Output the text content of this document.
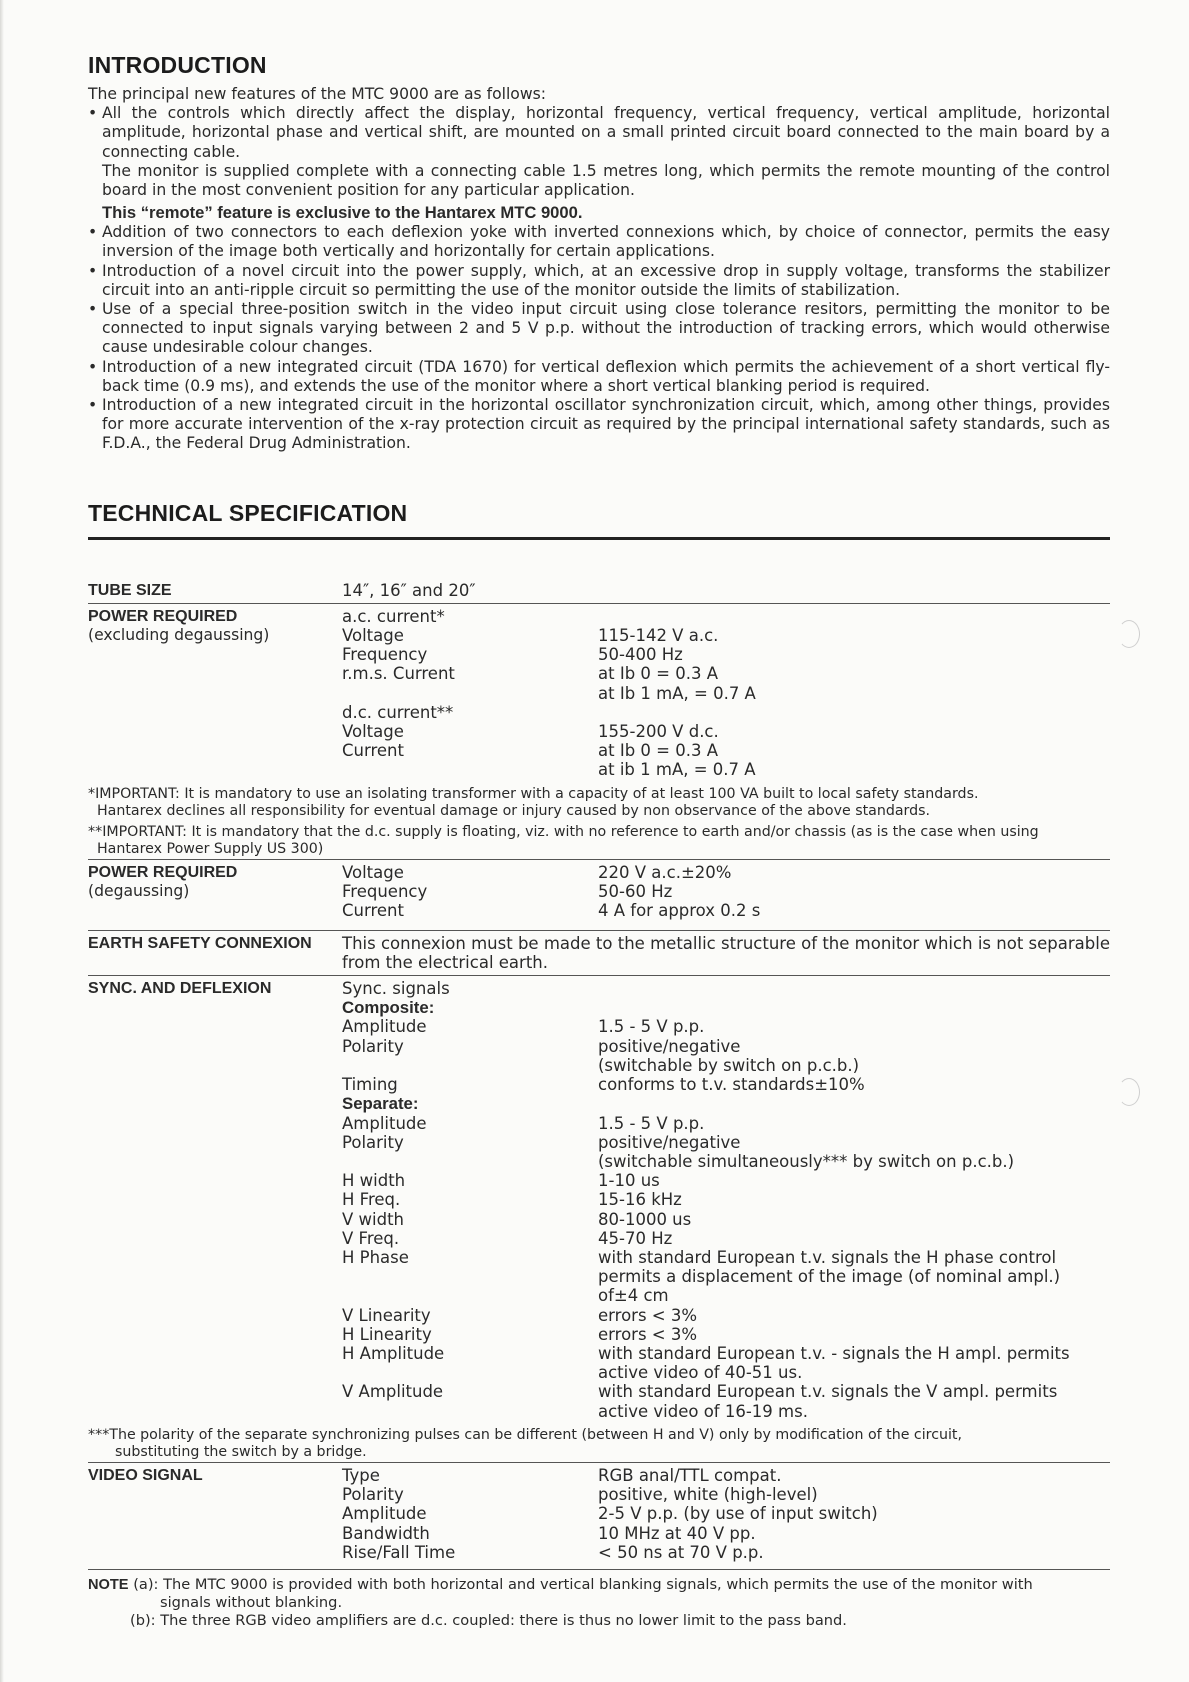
INTRODUCTION

The principal new features of the MTC 9000 are as follows:

• All the controls which directly affect the display, horizontal frequency, vertical frequency, vertical amplitude, horizontal amplitude, horizontal phase and vertical shift, are mounted on a small printed circuit board connected to the main board by a connecting cable.

The monitor is supplied complete with a connecting cable 1.5 metres long, which permits the remote mounting of the control board in the most convenient position for any particular application.

This “remote” feature is exclusive to the Hantarex MTC 9000.

• Addition of two connectors to each deflexion yoke with inverted connexions which, by choice of connector, permits the easy inversion of the image both vertically and horizontally for certain applications.
• Introduction of a novel circuit into the power supply, which, at an excessive drop in supply voltage, transforms the stabilizer circuit into an anti-ripple circuit so permitting the use of the monitor outside the limits of stabilization.
• Use of a special three-position switch in the video input circuit using close tolerance resitors, permitting the monitor to be connected to input signals varying between 2 and 5 V p.p. without the introduction of tracking errors, which would otherwise cause undesirable colour changes.
• Introduction of a new integrated circuit (TDA 1670) for vertical deflexion which permits the achievement of a short vertical fly-back time (0.9 ms), and extends the use of the monitor where a short vertical blanking period is required.
• Introduction of a new integrated circuit in the horizontal oscillator synchronization circuit, which, among other things, provides for more accurate intervention of the x-ray protection circuit as required by the principal international safety standards, such as F.D.A., the Federal Drug Administration.
TECHNICAL SPECIFICATION
TUBE SIZE	14″, 16″ and 20″
POWER REQUIRED
(excluding degaussing)
a.c. current*
Voltage	115-142 V a.c.
Frequency	50-400 Hz
r.m.s. Current	at Ib 0 = 0.3 A
at Ib 1 mA, = 0.7 A
d.c. current**
Voltage	155-200 V d.c.
Current	at Ib 0 = 0.3 A
at ib 1 mA, = 0.7 A

*IMPORTANT: It is mandatory to use an isolating transformer with a capacity of at least 100 VA built to local safety standards.
Hantarex declines all responsibility for eventual damage or injury caused by non observance of the above standards.

**IMPORTANT: It is mandatory that the d.c. supply is floating, viz. with no reference to earth and/or chassis (as is the case when using
Hantarex Power Supply US 300)

POWER REQUIRED
(degaussing)
Voltage	220 V a.c.±20%
Frequency	50-60 Hz
Current	4 A for approx 0.2 s
EARTH SAFETY CONNEXION	This connexion must be made to the metallic structure of the monitor which is not separable from the electrical earth.
SYNC. AND DEFLEXION	Sync. signals
Composite:
Amplitude	1.5 - 5 V p.p.
Polarity	positive/negative
(switchable by switch on p.c.b.)
Timing	conforms to t.v. standards±10%
Separate:
Amplitude	1.5 - 5 V p.p.
Polarity	positive/negative
(switchable simultaneously*** by switch on p.c.b.)
H width	1-10 us
H Freq.	15-16 kHz
V width	80-1000 us
V Freq.	45-70 Hz
H Phase	with standard European t.v. signals the H phase control
permits a displacement of the image (of nominal ampl.)
of±4 cm
V Linearity	errors < 3%
H Linearity	errors < 3%
H Amplitude	with standard European t.v. - signals the H ampl. permits
active video of 40-51 us.
V Amplitude	with standard European t.v. signals the V ampl. permits
active video of 16-19 ms.

***The polarity of the separate synchronizing pulses can be different (between H and V) only by modification of the circuit,
substituting the switch by a bridge.

VIDEO SIGNAL	Type	RGB anal/TTL compat.
Polarity	positive, white (high-level)
Amplitude	2-5 V p.p. (by use of input switch)
Bandwidth	10 MHz at 40 V pp.
Rise/Fall Time	< 50 ns at 70 V p.p.
NOTE (a): The MTC 9000 is provided with both horizontal and vertical blanking signals, which permits the use of the monitor with
signals without blanking.
(b): The three RGB video amplifiers are d.c. coupled: there is thus no lower limit to the pass band.
